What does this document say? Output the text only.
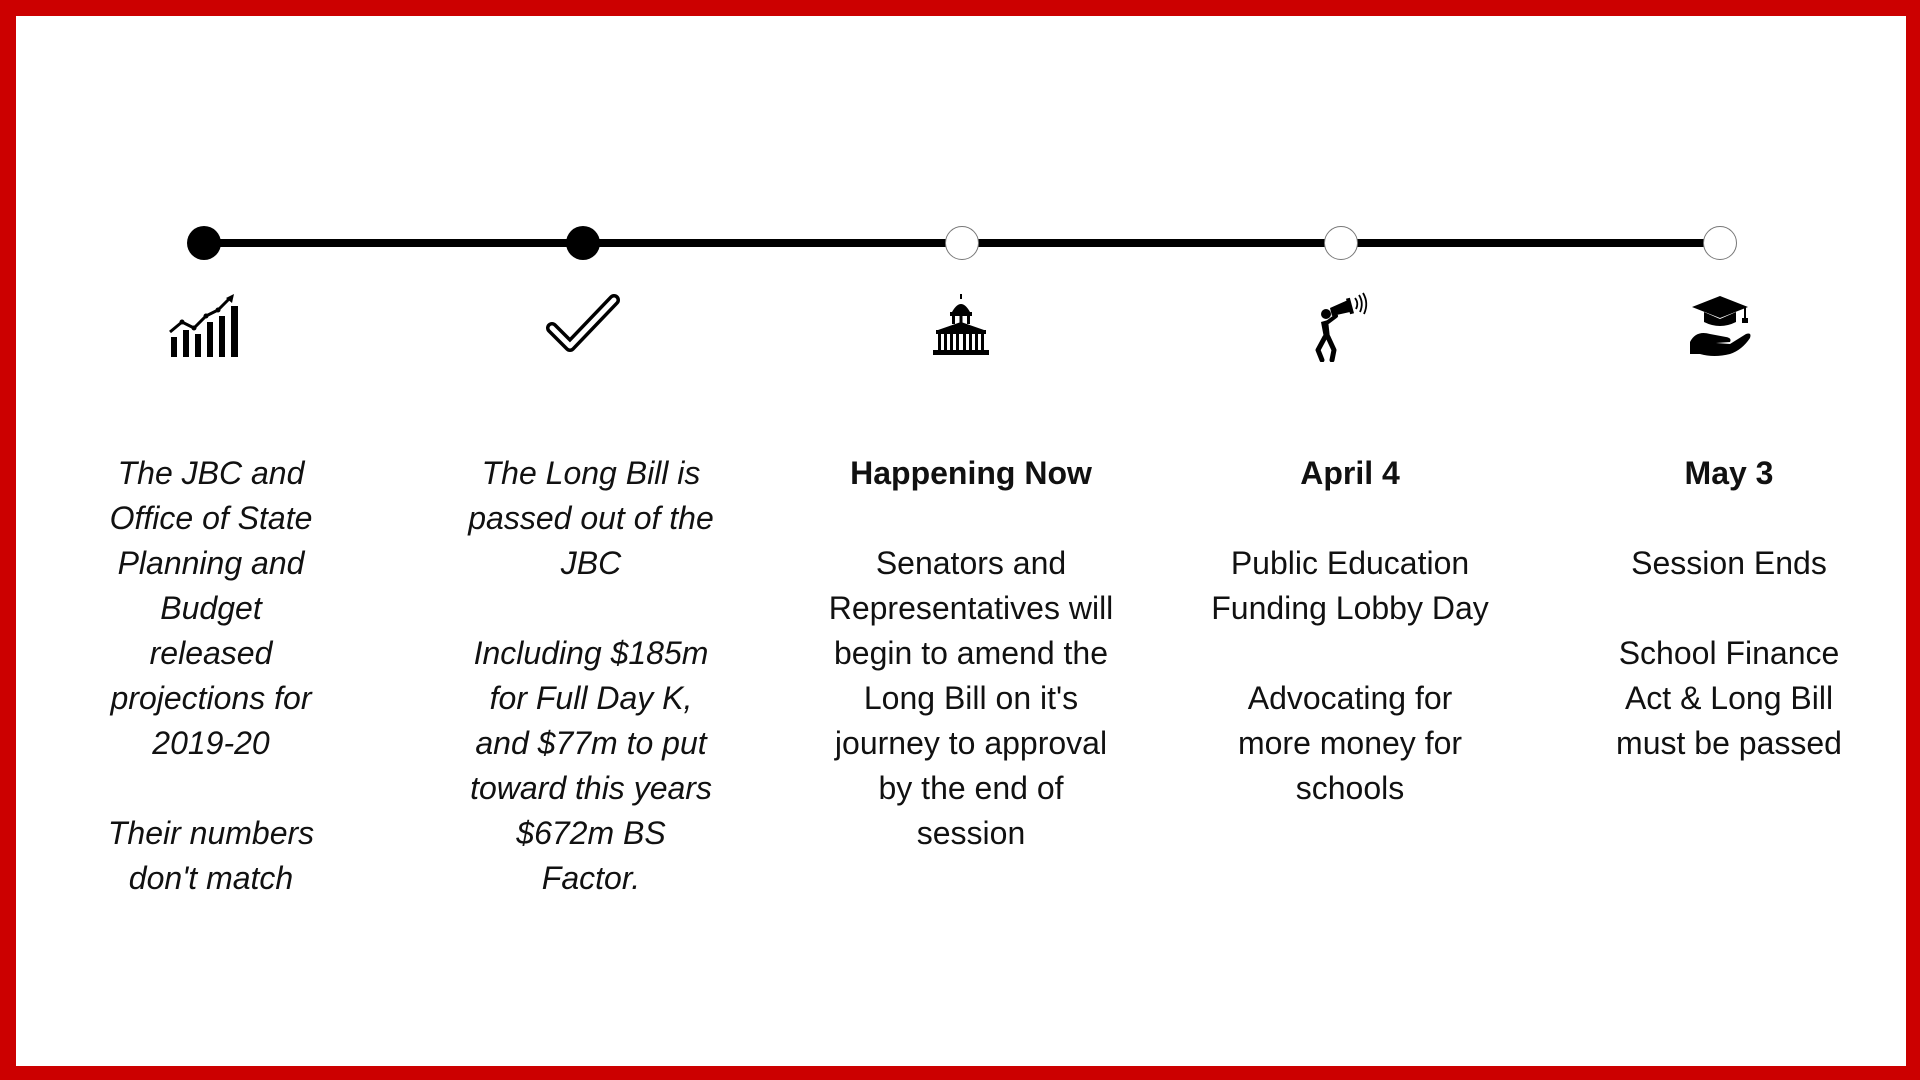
The JBC and
Office of State
Planning and
Budget
released
projections for
2019-20
Their numbers
don't match
The Long Bill is
passed out of the
JBC
Including $185m
for Full Day K,
and $77m to put
toward this years
$672m BS
Factor.
Happening Now
Senators and
Representatives will
begin to amend the
Long Bill on it's
journey to approval
by the end of
session
April 4
Public Education
Funding Lobby Day
Advocating for
more money for
schools
May 3
Session Ends
School Finance
Act & Long Bill
must be passed
